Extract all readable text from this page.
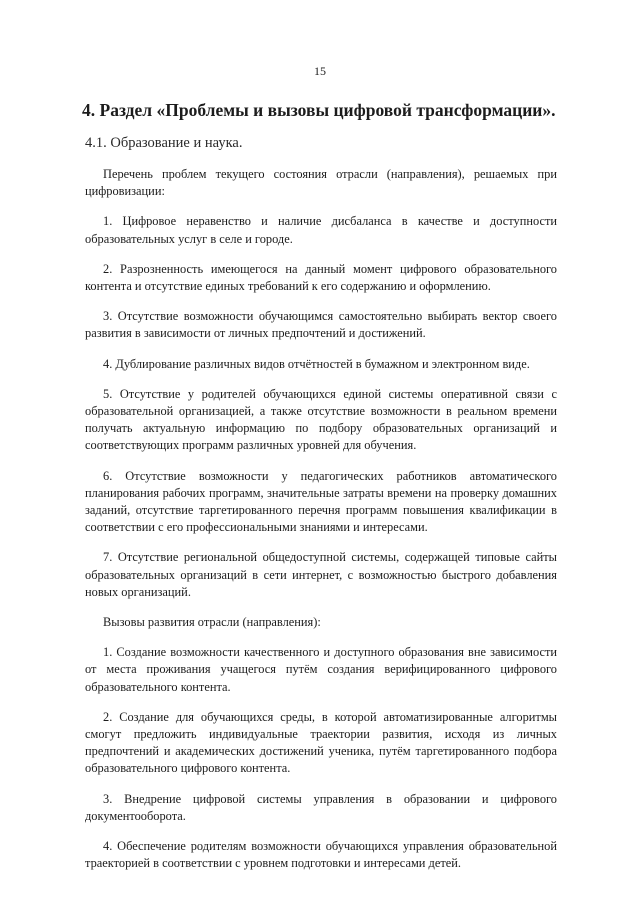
15
4. Раздел «Проблемы и вызовы цифровой трансформации».
4.1. Образование и наука.

Перечень проблем текущего состояния отрасли (направления), решаемых при цифровизации:

1. Цифровое неравенство и наличие дисбаланса в качестве и доступности образовательных услуг в селе и городе.

2. Разрозненность имеющегося на данный момент цифрового образовательного контента и отсутствие единых требований к его содержанию и оформлению.

3. Отсутствие возможности обучающимся самостоятельно выбирать вектор своего развития в зависимости от личных предпочтений и достижений.

4. Дублирование различных видов отчётностей в бумажном и электронном виде.

5. Отсутствие у родителей обучающихся единой системы оперативной связи с образовательной организацией, а также отсутствие возможности в реальном времени получать актуальную информацию по подбору образовательных организаций и соответствующих программ различных уровней для обучения.

6. Отсутствие возможности у педагогических работников автоматического планирования рабочих программ, значительные затраты времени на проверку домашних заданий, отсутствие таргетированного перечня программ повышения квалификации в соответствии с его профессиональными знаниями и интересами.

7. Отсутствие региональной общедоступной системы, содержащей типовые сайты образовательных организаций в сети интернет, с возможностью быстрого добавления новых организаций.

Вызовы развития отрасли (направления):

1. Создание возможности качественного и доступного образования вне зависимости от места проживания учащегося путём создания верифицированного цифрового образовательного контента.

2. Создание для обучающихся среды, в которой автоматизированные алгоритмы смогут предложить индивидуальные траектории развития, исходя из личных предпочтений и академических достижений ученика, путём таргетированного подбора образовательного цифрового контента.

3. Внедрение цифровой системы управления в образовании и цифрового документооборота.

4. Обеспечение родителям возможности обучающихся управления образовательной траекторией в соответствии с уровнем подготовки и интересами детей.
